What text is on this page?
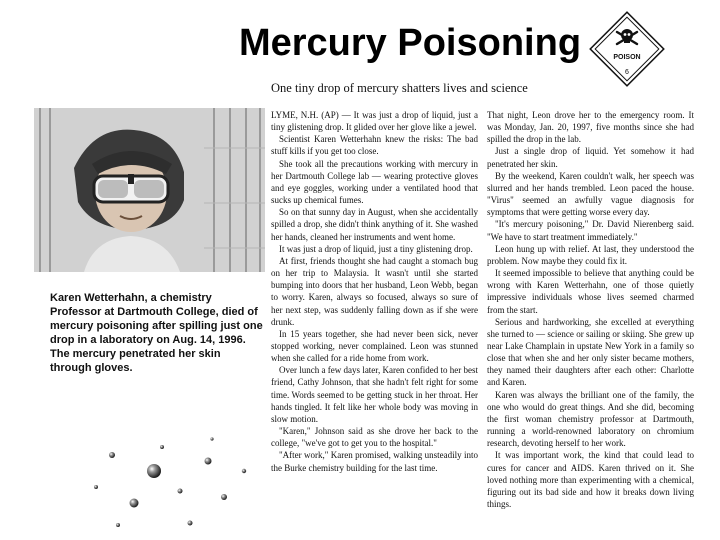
Mercury Poisoning	POISON
6

One tiny drop of mercury shatters lives and science

Karen Wetterhahn, a chemistry Professor at Dartmouth College, died of mercury poisoning after spilling just one drop in a laboratory on Aug. 14, 1996. The mercury penetrated her skin through gloves.

LYME, N.H. (AP) — It was just a drop of liquid, just a tiny glistening drop. It glided over her glove like a jewel.

Scientist Karen Wetterhahn knew the risks: The bad stuff kills if you get too close.

She took all the precautions working with mercury in her Dartmouth College lab — wearing protective gloves and eye goggles, working under a ventilated hood that sucks up chemical fumes.

So on that sunny day in August, when she accidentally spilled a drop, she didn't think anything of it. She washed her hands, cleaned her instruments and went home.

It was just a drop of liquid, just a tiny glistening drop.

At first, friends thought she had caught a stomach bug on her trip to Malaysia. It wasn't until she started bumping into doors that her husband, Leon Webb, began to worry. Karen, always so focused, always so sure of her next step, was suddenly falling down as if she were drunk.

In 15 years together, she had never been sick, never stopped working, never complained. Leon was stunned when she called for a ride home from work.

Over lunch a few days later, Karen confided to her best friend, Cathy Johnson, that she hadn't felt right for some time. Words seemed to be getting stuck in her throat. Her hands tingled. It felt like her whole body was moving in slow motion.

"Karen," Johnson said as she drove her back to the college, "we've got to get you to the hospital."

"After work," Karen promised, walking unsteadily into the Burke chemistry building for the last time.

That night, Leon drove her to the emergency room. It was Monday, Jan. 20, 1997, five months since she had spilled the drop in the lab.

Just a single drop of liquid. Yet somehow it had penetrated her skin.

By the weekend, Karen couldn't walk, her speech was slurred and her hands trembled. Leon paced the house. "Virus" seemed an awfully vague diagnosis for symptoms that were getting worse every day.

"It's mercury poisoning," Dr. David Nierenberg said. "We have to start treatment immediately."

Leon hung up with relief. At last, they understood the problem. Now maybe they could fix it.

It seemed impossible to believe that anything could be wrong with Karen Wetterhahn, one of those quietly impressive individuals whose lives seemed charmed from the start.

Serious and hardworking, she excelled at everything she turned to — science or sailing or skiing. She grew up near Lake Champlain in upstate New York in a family so close that when she and her only sister became mothers, they named their daughters after each other: Charlotte and Karen.

Karen was always the brilliant one of the family, the one who would do great things. And she did, becoming the first woman chemistry professor at Dartmouth, running a world-renowned laboratory on chromium research, devoting herself to her work.

It was important work, the kind that could lead to cures for cancer and AIDS. Karen thrived on it. She loved nothing more than experimenting with a chemical, figuring out its bad side and how it breaks down living things.
